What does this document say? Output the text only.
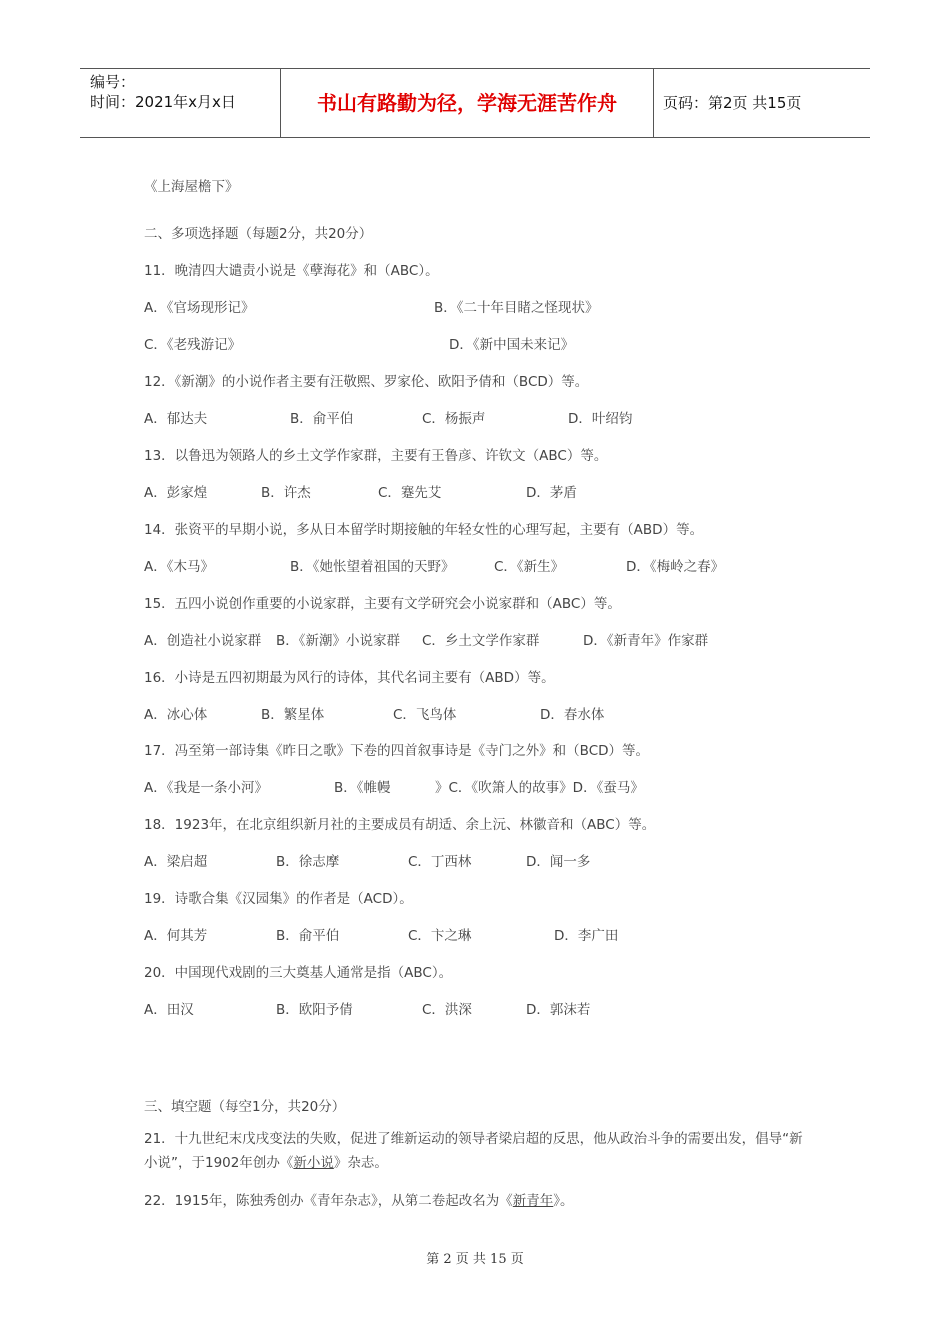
编号：
时间：2021年x月x日	书山有路勤为径，学海无涯苦作舟	页码：第2页 共15页
《上海屋檐下》
二、多项选择题（每题2分，共20分）
11．晚清四大谴责小说是《孽海花》和（ABC）。
A．《官场现形记》	B．《二十年目睹之怪现状》
C．《老残游记》	D．《新中国未来记》
12．《新潮》的小说作者主要有汪敬熙、罗家伦、欧阳予倩和（BCD）等。
A．郁达夫	B．俞平伯	C．杨振声	D．叶绍钧
13．以鲁迅为领路人的乡土文学作家群，主要有王鲁彦、许钦文（ABC）等。
A．彭家煌	B．许杰	C．蹇先艾	D．茅盾
14．张资平的早期小说，多从日本留学时期接触的年轻女性的心理写起，主要有（ABD）等。
A．《木马》	B．《她怅望着祖国的天野》	C．《新生》	D．《梅岭之春》
15．五四小说创作重要的小说家群，主要有文学研究会小说家群和（ABC）等。
A．创造社小说家群 B．《新潮》小说家群 C．乡土文学作家群	D．《新青年》作家群
16．小诗是五四初期最为风行的诗体，其代名词主要有（ABD）等。
A．冰心体	B．繁星体	C．飞鸟体	D．春水体
17．冯至第一部诗集《昨日之歌》下卷的四首叙事诗是《寺门之外》和（BCD）等。
A．《我是一条小河》	B．《帷幔	》C．《吹箫人的故事》D．《蚕马》
18．1923年，在北京组织新月社的主要成员有胡适、余上沅、林徽音和（ABC）等。
A．梁启超	B．徐志摩	C．丁西林	D．闻一多
19．诗歌合集《汉园集》的作者是（ACD）。
A．何其芳	B．俞平伯	C．卞之琳	D．李广田
20．中国现代戏剧的三大奠基人通常是指（ABC）。
A．田汉	B．欧阳予倩	C．洪深	D．郭沫若
三、填空题（每空1分，共20分）
21．十九世纪末戊戌变法的失败，促进了维新运动的领导者梁启超的反思，他从政治斗争的需要出发，倡导“新小说”，于1902年创办《新小说》杂志。
22．1915年，陈独秀创办《青年杂志》，从第二卷起改名为《新青年》。
第 2 页 共 15 页
